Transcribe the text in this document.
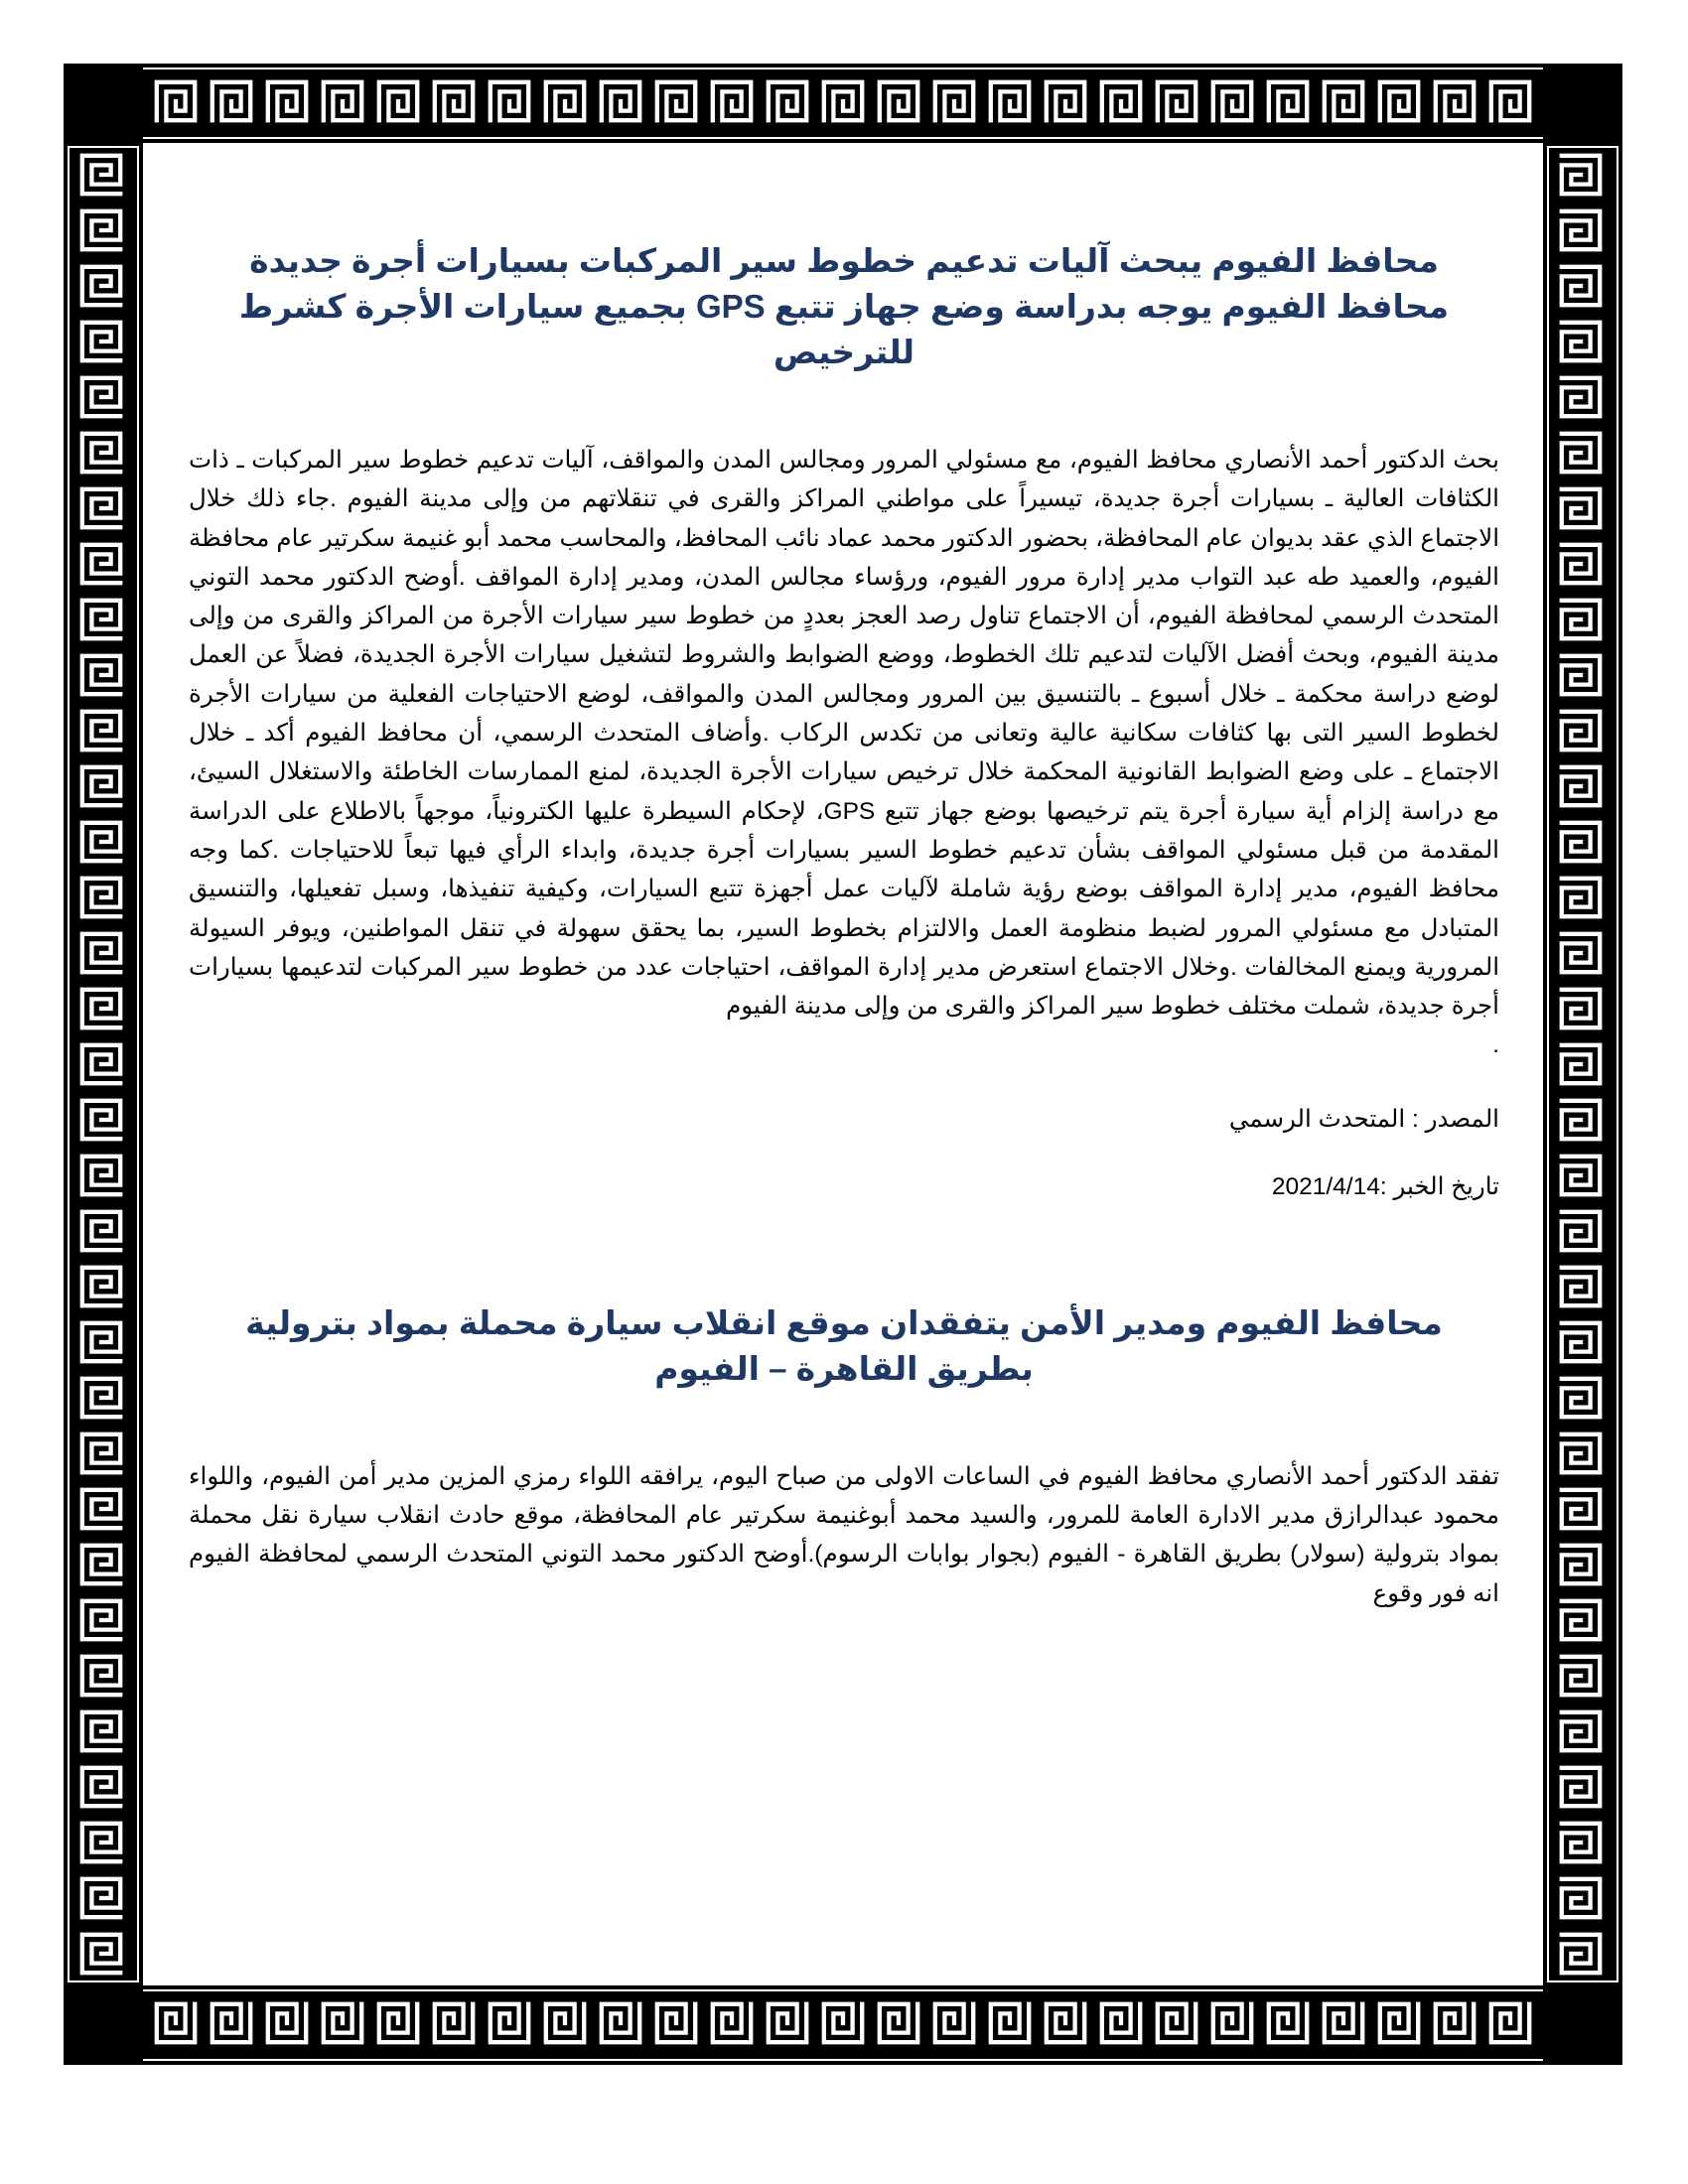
محافظ الفيوم يبحث آليات تدعيم خطوط سير المركبات بسيارات أجرة جديدة
محافظ الفيوم يوجه بدراسة وضع جهاز تتبع GPS بجميع سيارات الأجرة كشرط للترخيص

بحث الدكتور أحمد الأنصاري محافظ الفيوم، مع مسئولي المرور ومجالس المدن والمواقف، آليات تدعيم خطوط سير المركبات ـ ذات الكثافات العالية ـ بسيارات أجرة جديدة، تيسيراً على مواطني المراكز والقرى في تنقلاتهم من وإلى مدينة الفيوم .جاء ذلك خلال الاجتماع الذي عقد بديوان عام المحافظة، بحضور الدكتور محمد عماد نائب المحافظ، والمحاسب محمد أبو غنيمة سكرتير عام محافظة الفيوم، والعميد طه عبد التواب مدير إدارة مرور الفيوم، ورؤساء مجالس المدن، ومدير إدارة المواقف .أوضح الدكتور محمد التوني المتحدث الرسمي لمحافظة الفيوم، أن الاجتماع تناول رصد العجز بعددٍ من خطوط سير سيارات الأجرة من المراكز والقرى من وإلى مدينة الفيوم، وبحث أفضل الآليات لتدعيم تلك الخطوط، ووضع الضوابط والشروط لتشغيل سيارات الأجرة الجديدة، فضلاً عن العمل لوضع دراسة محكمة ـ خلال أسبوع ـ بالتنسيق بين المرور ومجالس المدن والمواقف، لوضع الاحتياجات الفعلية من سيارات الأجرة لخطوط السير التى بها كثافات سكانية عالية وتعانى من تكدس الركاب .وأضاف المتحدث الرسمي، أن محافظ الفيوم أكد ـ خلال الاجتماع ـ على وضع الضوابط القانونية المحكمة خلال ترخيص سيارات الأجرة الجديدة، لمنع الممارسات الخاطئة والاستغلال السيئ، مع دراسة إلزام أية سيارة أجرة يتم ترخيصها بوضع جهاز تتبع GPS، لإحكام السيطرة عليها الكترونياً، موجهاً بالاطلاع على الدراسة المقدمة من قبل مسئولي المواقف بشأن تدعيم خطوط السير بسيارات أجرة جديدة، وابداء الرأي فيها تبعاً للاحتياجات .كما وجه محافظ الفيوم، مدير إدارة المواقف بوضع رؤية شاملة لآليات عمل أجهزة تتبع السيارات، وكيفية تنفيذها، وسبل تفعيلها، والتنسيق المتبادل مع مسئولي المرور لضبط منظومة العمل والالتزام بخطوط السير، بما يحقق سهولة في تنقل المواطنين، ويوفر السيولة المرورية ويمنع المخالفات .وخلال الاجتماع استعرض مدير إدارة المواقف، احتياجات عدد من خطوط سير المركبات لتدعيمها بسيارات أجرة جديدة، شملت مختلف خطوط سير المراكز والقرى من وإلى مدينة الفيوم

.

المصدر : المتحدث الرسمي

تاريخ الخبر :2021/4/14

محافظ الفيوم ومدير الأمن يتفقدان موقع انقلاب سيارة محملة بمواد بترولية
بطريق القاهرة – الفيوم

تفقد الدكتور أحمد الأنصاري محافظ الفيوم في الساعات الاولى من صباح اليوم، يرافقه اللواء رمزي المزين مدير أمن الفيوم، واللواء محمود عبدالرازق مدير الادارة العامة للمرور، والسيد محمد أبوغنيمة سكرتير عام المحافظة، موقع حادث انقلاب سيارة نقل محملة بمواد بترولية (سولار) بطريق القاهرة - الفيوم (بجوار بوابات الرسوم).أوضح الدكتور محمد التوني المتحدث الرسمي لمحافظة الفيوم انه فور وقوع
